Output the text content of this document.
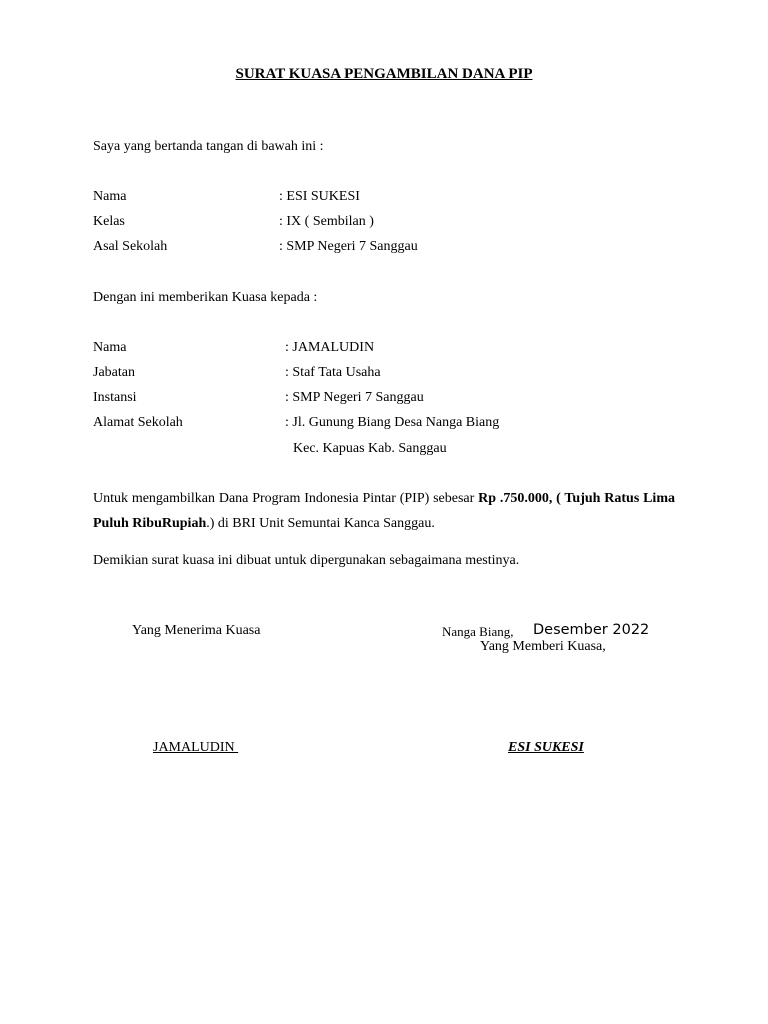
SURAT KUASA PENGAMBILAN DANA PIP
Saya yang bertanda tangan di bawah ini :
Nama	: ESI SUKESI
Kelas	: IX ( Sembilan )
Asal Sekolah	: SMP Negeri 7 Sanggau
Dengan ini memberikan Kuasa kepada :
Nama	: JAMALUDIN
Jabatan	: Staf Tata Usaha
Instansi	: SMP Negeri 7 Sanggau
Alamat Sekolah	: Jl. Gunung Biang Desa Nanga Biang
Kec. Kapuas Kab. Sanggau
Untuk mengambilkan Dana Program Indonesia Pintar (PIP) sebesar Rp .750.000, ( Tujuh Ratus Lima Puluh RibuRupiah.) di BRI Unit Semuntai Kanca Sanggau.
Demikian surat kuasa ini dibuat untuk dipergunakan sebagaimana mestinya.
Yang Menerima Kuasa	Nanga Biang, Desember 2022
Yang Memberi Kuasa,
JAMALUDIN	ESI SUKESI
